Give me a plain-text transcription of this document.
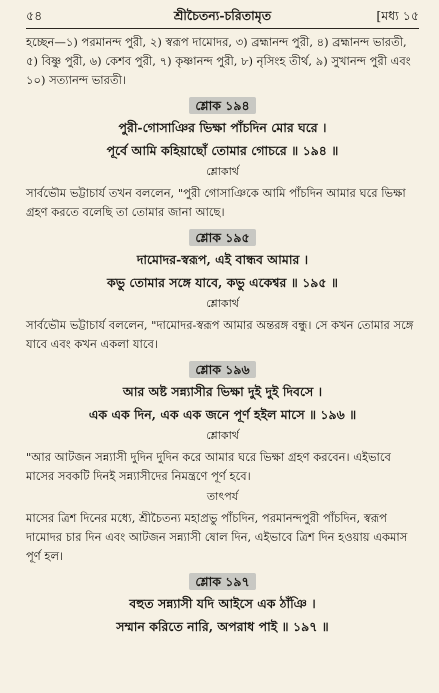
৫৪	শ্রীচৈতন্য-চরিতামৃত	[মধ্য ১৫

হচ্ছেন—১) পরমানন্দ পুরী, ২) স্বরূপ দামোদর, ৩) ব্রহ্মানন্দ পুরী, ৪) ব্রহ্মানন্দ ভারতী, ৫) বিষ্ণু পুরী, ৬) কেশব পুরী, ৭) কৃষ্ণানন্দ পুরী, ৮) নৃসিংহ তীর্থ, ৯) সুখানন্দ পুরী এবং ১০) সত্যানন্দ ভারতী।

শ্লোক ১৯৪

পুরী-গোসাঞির ভিক্ষা পাঁচদিন মোর ঘরে ।

পূর্বে আমি কহিয়াছোঁ তোমার গোচরে ॥ ১৯৪ ॥

শ্লোকার্থ

সার্বভৌম ভট্টাচার্য তখন বললেন, "পুরী গোসাঞিকে আমি পাঁচদিন আমার ঘরে ভিক্ষা গ্রহণ করতে বলেছি তা তোমার জানা আছে।

শ্লোক ১৯৫

দামোদর-স্বরূপ, এই বান্ধব আমার ।

কভু তোমার সঙ্গে যাবে, কভু একেশ্বর ॥ ১৯৫ ॥

শ্লোকার্থ

সার্বভৌম ভট্টাচার্য বললেন, "দামোদর-স্বরূপ আমার অন্তরঙ্গ বন্ধু। সে কখন তোমার সঙ্গে যাবে এবং কখন একলা যাবে।

শ্লোক ১৯৬

আর অষ্ট সন্ন্যাসীর ভিক্ষা দুই দুই দিবসে ।

এক এক দিন, এক এক জনে পূর্ণ হইল মাসে ॥ ১৯৬ ॥

শ্লোকার্থ

"আর আটজন সন্ন্যাসী দুদিন দুদিন করে আমার ঘরে ভিক্ষা গ্রহণ করবেন। এইভাবে মাসের সবকটি দিনই সন্ন্যাসীদের নিমন্ত্রণে পূর্ণ হবে।

তাৎপর্য

মাসের ত্রিশ দিনের মধ্যে, শ্রীচৈতন্য মহাপ্রভু পাঁচদিন, পরমানন্দপুরী পাঁচদিন, স্বরূপ দামোদর চার দিন এবং আটজন সন্ন্যাসী ষোল দিন, এইভাবে ত্রিশ দিন হওয়ায় একমাস পূর্ণ হল।

শ্লোক ১৯৭

বহুত সন্ন্যাসী যদি আইসে এক ঠাঁঞি ।

সম্মান করিতে নারি, অপরাধ পাই ॥ ১৯৭ ॥
